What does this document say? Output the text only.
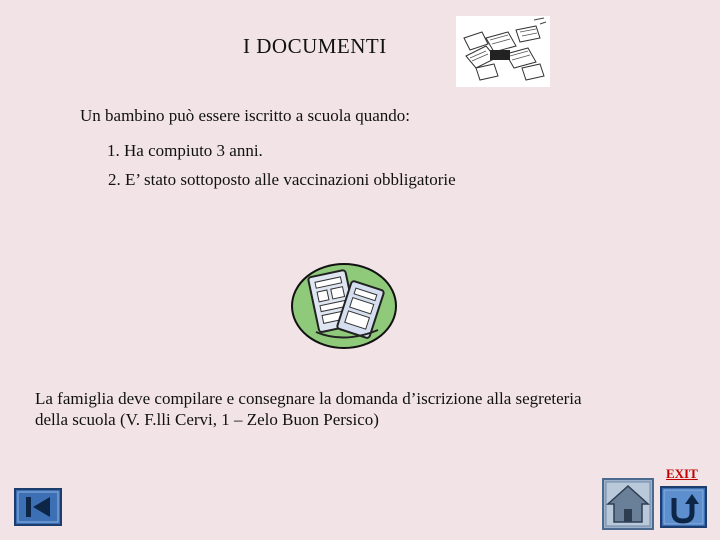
I DOCUMENTI
Un bambino può essere iscritto a scuola quando:
1. Ha compiuto 3 anni.
2. E’ stato sottoposto alle vaccinazioni obbligatorie
La famiglia deve compilare e consegnare la domanda d’iscrizione alla segreteria
della scuola (V. F.lli Cervi, 1 – Zelo Buon Persico)
EXIT
